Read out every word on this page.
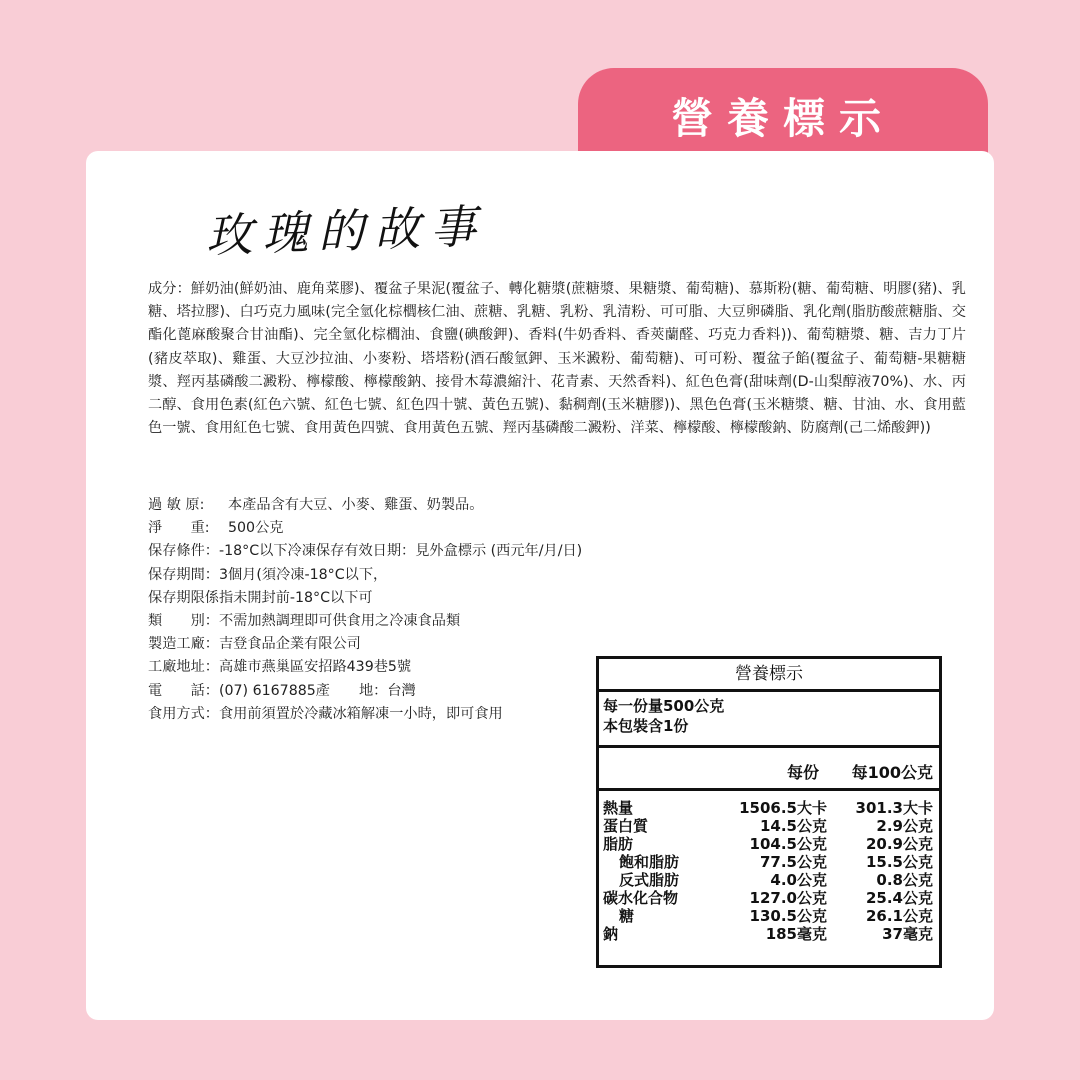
營養標示
玫瑰的故事
成分：鮮奶油(鮮奶油、鹿角菜膠)、覆盆子果泥(覆盆子、轉化糖漿(蔗糖漿、果糖漿、葡萄糖)、慕斯粉(糖、葡萄糖、明膠(豬)、乳糖、塔拉膠)、白巧克力風味(完全氫化棕櫚核仁油、蔗糖、乳糖、乳粉、乳清粉、可可脂、大豆卵磷脂、乳化劑(脂肪酸蔗糖脂、交酯化蓖麻酸聚合甘油酯)、完全氫化棕櫚油、食鹽(碘酸鉀)、香料(牛奶香料、香莢蘭醛、巧克力香料))、葡萄糖漿、糖、吉力丁片(豬皮萃取)、雞蛋、大豆沙拉油、小麥粉、塔塔粉(酒石酸氫鉀、玉米澱粉、葡萄糖)、可可粉、覆盆子餡(覆盆子、葡萄糖-果糖糖漿、羥丙基磷酸二澱粉、檸檬酸、檸檬酸鈉、接骨木莓濃縮汁、花青素、天然香料)、紅色色膏(甜味劑(D-山梨醇液70%)、水、丙二醇、食用色素(紅色六號、紅色七號、紅色四十號、黃色五號)、黏稠劑(玉米糖膠))、黑色色膏(玉米糖漿、糖、甘油、水、食用藍色一號、食用紅色七號、食用黃色四號、食用黃色五號、羥丙基磷酸二澱粉、洋菜、檸檬酸、檸檬酸鈉、防腐劑(己二烯酸鉀))
過 敏 原:	本產品含有大豆、小麥、雞蛋、奶製品。
淨　　重:	500公克
保存條件： -18°C以下冷凍保存有效日期：見外盒標示 (西元年/月/日)
保存期間： 3個月(須冷凍-18°C以下，
保存期限係指未開封前-18°C以下可
類　　別： 不需加熱調理即可供食用之冷凍食品類
製造工廠： 吉登食品企業有限公司
工廠地址： 高雄市燕巢區安招路439巷5號
電　　話： (07) 6167885產	地： 台灣
食用方式： 食用前須置於冷藏冰箱解凍一小時，即可食用
營養標示
每一份量500公克
本包裝含1份
每份 每100公克
熱量	1506.5大卡 301.3大卡
蛋白質	14.5公克	2.9公克
脂肪	104.5公克	20.9公克
飽和脂肪	77.5公克	15.5公克
反式脂肪	4.0公克	0.8公克
碳水化合物	127.0公克	25.4公克
糖	130.5公克	26.1公克
鈉	185毫克	37毫克
